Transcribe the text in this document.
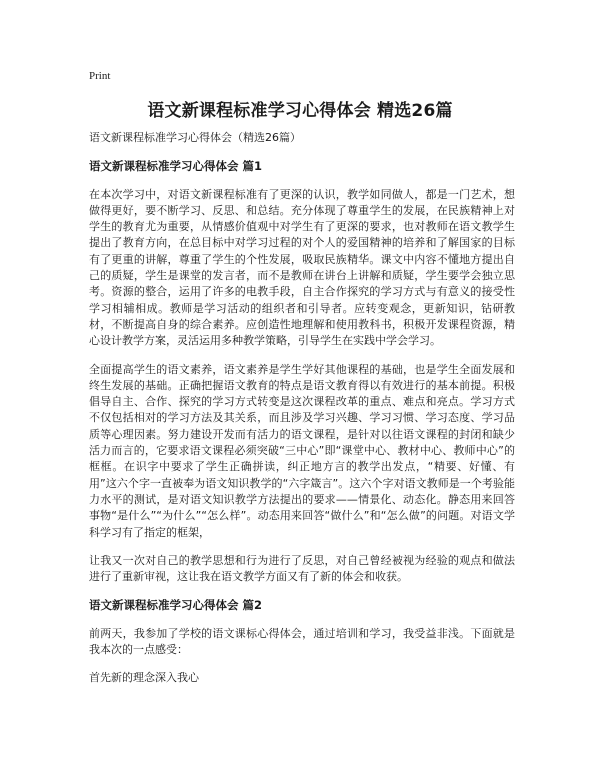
Print
语文新课程标准学习心得体会 精选26篇

语文新课程标准学习心得体会（精选26篇）

语文新课程标准学习心得体会 篇1

在本次学习中，对语文新课程标准有了更深的认识，教学如同做人，都是一门艺术，想做得更好，要不断学习、反思、和总结。充分体现了尊重学生的发展，在民族精神上对学生的教育尤为重要，从情感价值观中对学生有了更深的要求，也对教师在语文教学生提出了教育方向，在总目标中对学习过程的对个人的爱国精神的培养和了解国家的目标有了更重的讲解，尊重了学生的个性发展，吸取民族精华。课文中内容不懂地方提出自己的质疑，学生是课堂的发言者，而不是教师在讲台上讲解和质疑，学生要学会独立思考。资源的整合，运用了许多的电教手段，自主合作探究的学习方式与有意义的接受性学习相辅相成。教师是学习活动的组织者和引导者。应转变观念，更新知识，钻研教材，不断提高自身的综合素养。应创造性地理解和使用教科书，积极开发课程资源，精心设计教学方案，灵活运用多种教学策略，引导学生在实践中学会学习。

全面提高学生的语文素养，语文素养是学生学好其他课程的基础，也是学生全面发展和终生发展的基础。正确把握语文教育的特点是语文教育得以有效进行的基本前提。积极倡导自主、合作、探究的学习方式转变是这次课程改革的重点、难点和亮点。学习方式不仅包括相对的学习方法及其关系，而且涉及学习兴趣、学习习惯、学习态度、学习品质等心理因素。努力建设开发而有活力的语文课程，是针对以往语文课程的封闭和缺少活力而言的，它要求语文课程必须突破“三中心”即“课堂中心、教材中心、教师中心”的框框。在识字中要求了学生正确拼读，纠正地方言的教学出发点，“精要、好懂、有用”这六个字一直被奉为语文知识教学的“六字箴言”。这六个字对语文教师是一个考验能力水平的测试，是对语文知识教学方法提出的要求——情景化、动态化。静态用来回答事物“是什么”“为什么”“怎么样”。动态用来回答“做什么”和“怎么做”的问题。对语文学科学习有了指定的框架，

让我又一次对自己的教学思想和行为进行了反思，对自己曾经被视为经验的观点和做法进行了重新审视，这让我在语文教学方面又有了新的体会和收获。

语文新课程标准学习心得体会 篇2

前两天，我参加了学校的语文课标心得体会，通过培训和学习，我受益非浅。下面就是我本次的一点感受：

首先新的理念深入我心
